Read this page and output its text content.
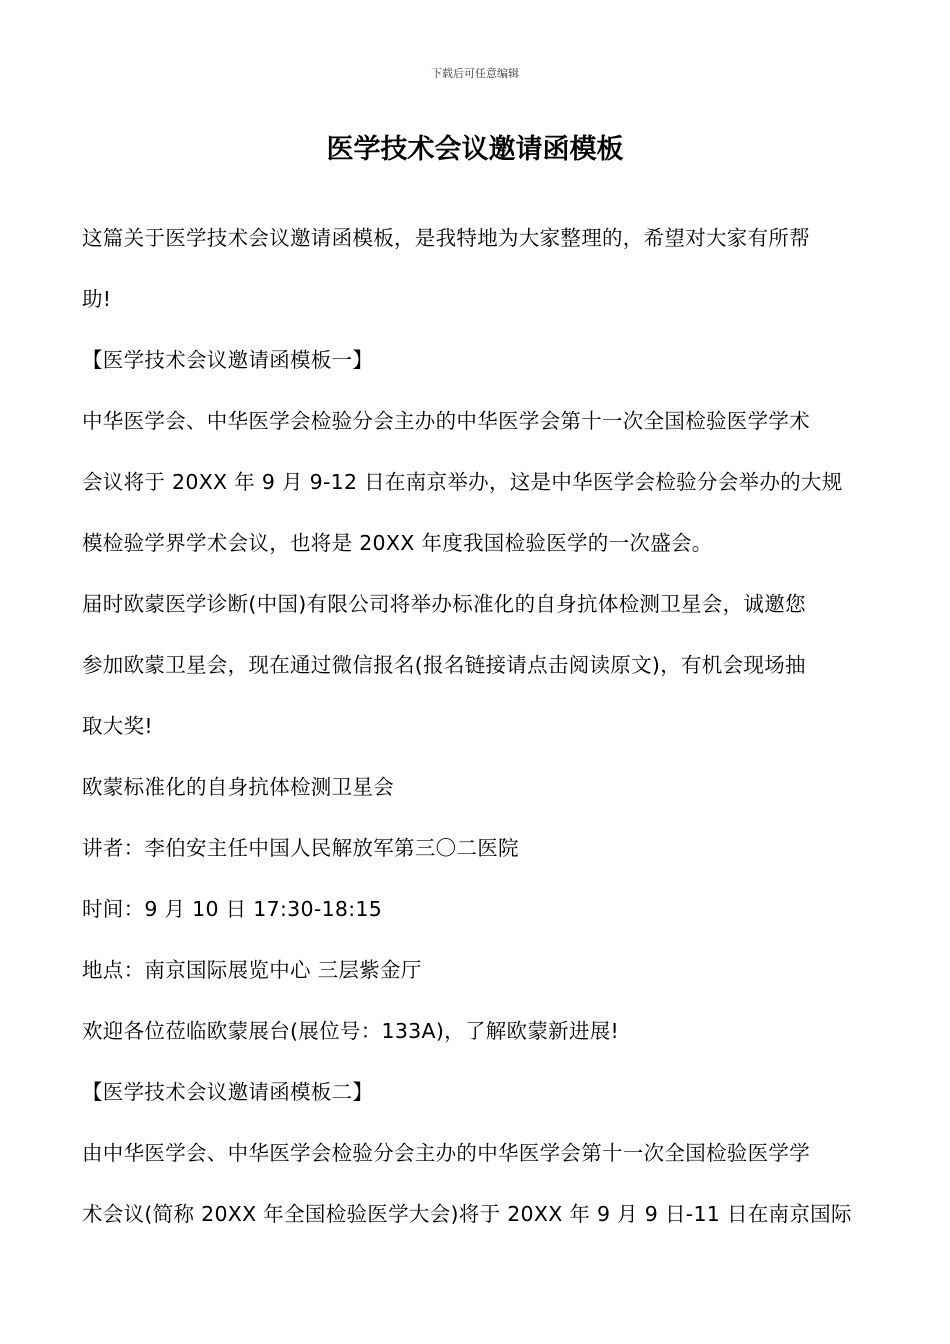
下载后可任意编辑
医学技术会议邀请函模板

这篇关于医学技术会议邀请函模板，是我特地为大家整理的，希望对大家有所帮
助!

【医学技术会议邀请函模板一】

中华医学会、中华医学会检验分会主办的中华医学会第十一次全国检验医学学术
会议将于 20XX 年 9 月 9-12 日在南京举办，这是中华医学会检验分会举办的大规
模检验学界学术会议，也将是 20XX 年度我国检验医学的一次盛会。

届时欧蒙医学诊断(中国)有限公司将举办标准化的自身抗体检测卫星会，诚邀您
参加欧蒙卫星会，现在通过微信报名(报名链接请点击阅读原文)，有机会现场抽
取大奖!

欧蒙标准化的自身抗体检测卫星会

讲者：李伯安主任中国人民解放军第三〇二医院

时间：9 月 10 日 17:30-18:15

地点：南京国际展览中心 三层紫金厅

欢迎各位莅临欧蒙展台(展位号：133A)，了解欧蒙新进展!

【医学技术会议邀请函模板二】

由中华医学会、中华医学会检验分会主办的中华医学会第十一次全国检验医学学
术会议(简称 20XX 年全国检验医学大会)将于 20XX 年 9 月 9 日-11 日在南京国际
